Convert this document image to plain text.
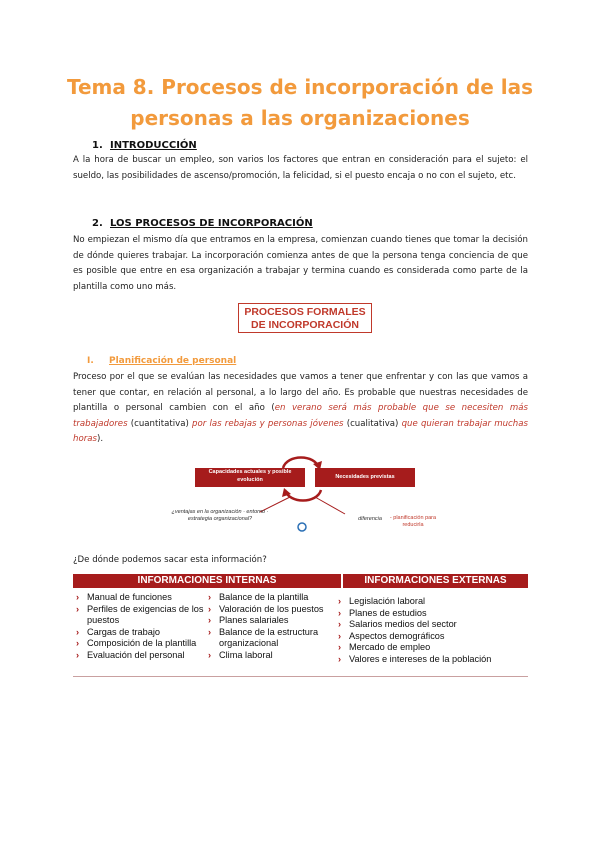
Tema 8. Procesos de incorporación de las
personas a las organizaciones
1. INTRODUCCIÓN
A la hora de buscar un empleo, son varios los factores que entran en consideración para el sujeto: el sueldo, las posibilidades de ascenso/promoción, la felicidad, si el puesto encaja o no con el sujeto, etc.
2. LOS PROCESOS DE INCORPORACIÓN
No empiezan el mismo día que entramos en la empresa, comienzan cuando tienes que tomar la decisión de dónde quieres trabajar. La incorporación comienza antes de que la persona tenga conciencia de que es posible que entre en esa organización a trabajar y termina cuando es considerada como parte de la plantilla como uno más.
PROCESOS FORMALES
DE INCORPORACIÓN
I. Planificación de personal
Proceso por el que se evalúan las necesidades que vamos a tener que enfrentar y con las que vamos a tener que contar, en relación al personal, a lo largo del año. Es probable que nuestras necesidades de plantilla o personal cambien con el año (en verano será más probable que se necesiten más trabajadores (cuantitativa) por las rebajas y personas jóvenes (cualitativa) que quieran trabajar muchas horas).
Capacidades actuales y posible evolución	Necesidades previstas
¿ventajas en la organización · entorno · estrategia organizacional?	diferencia	- planificación para reducirla
¿De dónde podemos sacar esta información?
INFORMACIONES INTERNAS	INFORMACIONES EXTERNAS
› Manual de funciones
› Perfiles de exigencias de los puestos
› Cargas de trabajo
› Composición de la plantilla
› Evaluación del personal
› Balance de la plantilla
› Valoración de los puestos
› Planes salariales
› Balance de la estructura organizacional
› Clima laboral
› Legislación laboral
› Planes de estudios
› Salarios medios del sector
› Aspectos demográficos
› Mercado de empleo
› Valores e intereses de la población
